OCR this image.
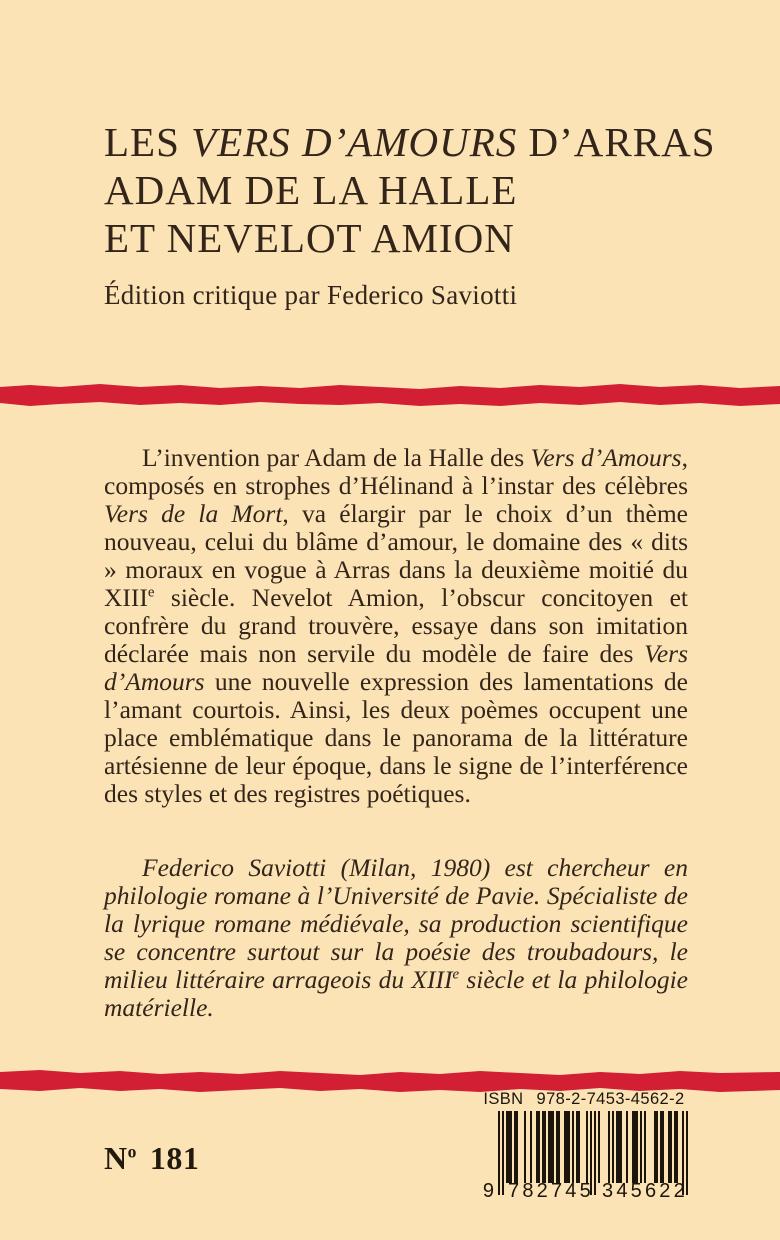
LES VERS D’AMOURS D’ARRAS
ADAM DE LA HALLE
ET NEVELOT AMION
Édition critique par Federico Saviotti

L’invention par Adam de la Halle des Vers d’Amours, composés en strophes d’Hélinand à l’instar des célèbres Vers de la Mort, va élargir par le choix d’un thème nouveau, celui du blâme d’amour, le domaine des « dits » moraux en vogue à Arras dans la deuxième moitié du XIIIe siècle. Nevelot Amion, l’obscur concitoyen et confrère du grand trouvère, essaye dans son imitation déclarée mais non servile du modèle de faire des Vers d’Amours une nouvelle expression des lamentations de l’amant courtois. Ainsi, les deux poèmes occupent une place emblématique dans le panorama de la littérature artésienne de leur époque, dans le signe de l’interférence des styles et des registres poétiques.

Federico Saviotti (Milan, 1980) est chercheur en philologie romane à l’Université de Pavie. Spécialiste de la lyrique romane médiévale, sa production scientifique se concentre surtout sur la poésie des troubadours, le milieu littéraire arrageois du XIIIe siècle et la philologie matérielle.

ISBN 978-2-7453-4562-2
9 782745 345622
$N^o$ 181
